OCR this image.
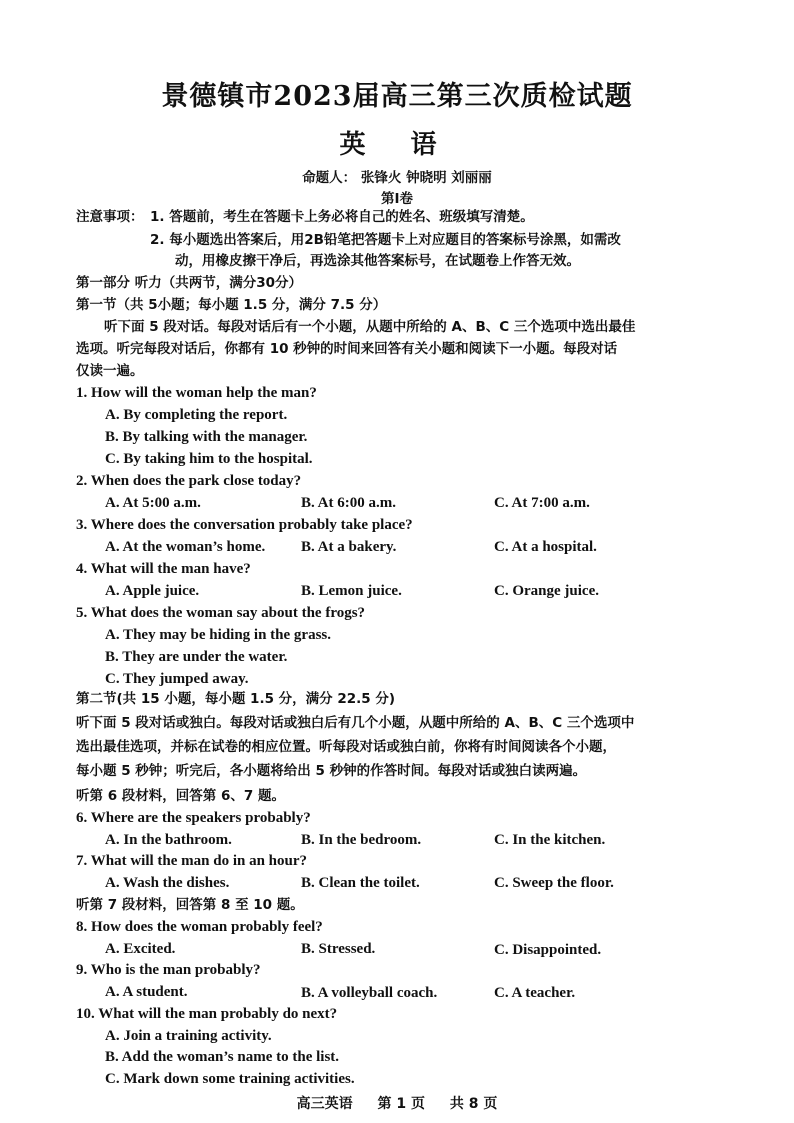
景德镇市2023届高三第三次质检试题
英 语
命题人： 张锋火 钟晓明 刘丽丽
第I卷
注意事项： 1. 答题前，考生在答题卡上务必将自己的姓名、班级填写清楚。
2. 每小题选出答案后，用2B铅笔把答题卡上对应题目的答案标号涂黑，如需改
动，用橡皮擦干净后，再选涂其他答案标号，在试题卷上作答无效。
第一部分 听力（共两节，满分30分）
第一节（共 5小题；每小题 1.5 分，满分 7.5 分）
听下面 5 段对话。每段对话后有一个小题，从题中所给的 A、B、C 三个选项中选出最佳
选项。听完每段对话后，你都有 10 秒钟的时间来回答有关小题和阅读下一小题。每段对话
仅读一遍。
1. How will the woman help the man?
A. By completing the report.
B. By talking with the manager.
C. By taking him to the hospital.
2. When does the park close today?
A. At 5:00 a.m.	B. At 6:00 a.m.	C. At 7:00 a.m.
3. Where does the conversation probably take place?
A. At the woman’s home. B. At a bakery.	C. At a hospital.
4. What will the man have?
A. Apple juice.	B. Lemon juice.	C. Orange juice.
5. What does the woman say about the frogs?
A. They may be hiding in the grass.
B. They are under the water.
C. They jumped away.
第二节(共 15 小题，每小题 1.5 分，满分 22.5 分)
听下面 5 段对话或独白。每段对话或独白后有几个小题，从题中所给的 A、B、C 三个选项中
选出最佳选项，并标在试卷的相应位置。听每段对话或独白前，你将有时间阅读各个小题，
每小题 5 秒钟；听完后，各小题将给出 5 秒钟的作答时间。每段对话或独白读两遍。
听第 6 段材料，回答第 6、7 题。
6. Where are the speakers probably?
A. In the bathroom.	B. In the bedroom.	C. In the kitchen.
7. What will the man do in an hour?
A. Wash the dishes.	B. Clean the toilet.	C. Sweep the floor.
听第 7 段材料，回答第 8 至 10 题。
8. How does the woman probably feel?
A. Excited.	B. Stressed.	C. Disappointed.
9. Who is the man probably?
A. A student.	B. A volleyball coach.	C. A teacher.
10. What will the man probably do next?
A. Join a training activity.
B. Add the woman’s name to the list.
C. Mark down some training activities.
高三英语 第 1 页 共 8 页
